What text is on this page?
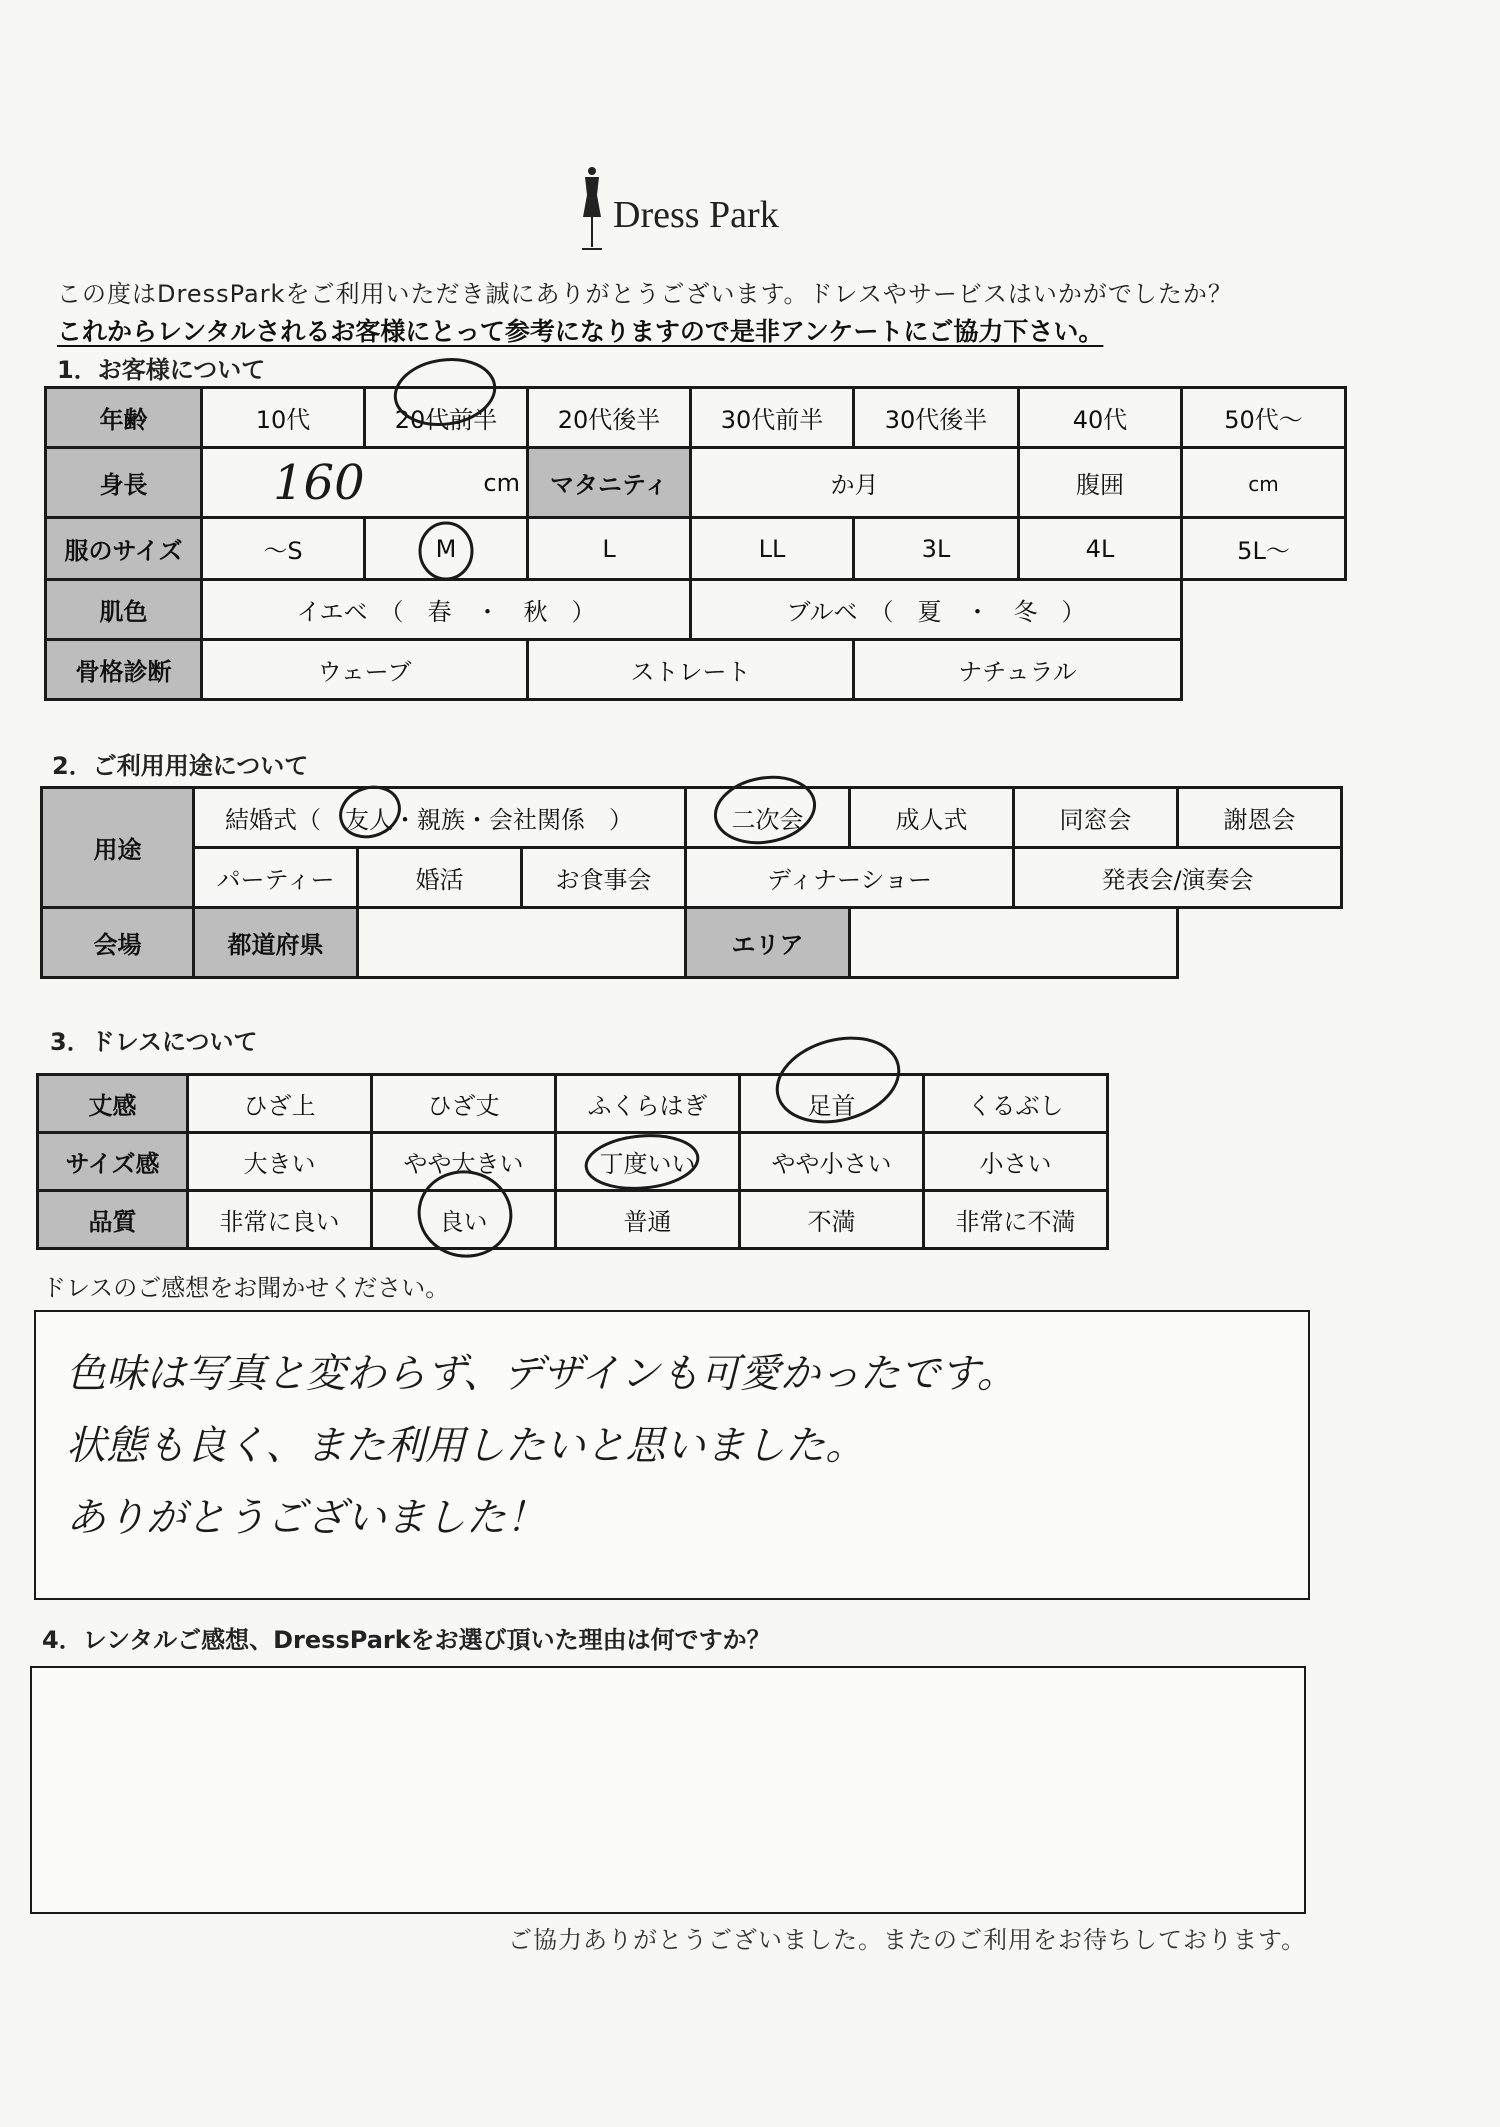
Dress Park
この度はDressParkをご利用いただき誠にありがとうございます。ドレスやサービスはいかがでしたか？
これからレンタルされるお客様にとって参考になりますので是非アンケートにご協力下さい。
1．お客様について
年齢	10代	20代前半	20代後半	30代前半	30代後半	40代	50代～
身長	160 cm		マタニティ	か月		腹囲	cm
服のサイズ	～S	M	L	LL	3L	4L	5L～
肌色	イエベ　（　春　・　秋　）			ブルベ　（　夏　・　冬　）			
骨格診断	ウェーブ		ストレート		ナチュラル		
2．ご利用用途について
用途	結婚式（　友人・親族・会社関係　）			二次会	成人式	同窓会	謝恩会
	パーティー	婚活	お食事会	ディナーショー		発表会/演奏会	
会場	都道府県			エリア			
3．ドレスについて
丈感	ひざ上	ひざ丈	ふくらはぎ	足首	くるぶし
サイズ感	大きい	やや大きい	丁度いい	やや小さい	小さい
品質	非常に良い	良い	普通	不満	非常に不満
ドレスのご感想をお聞かせください。
色味は写真と変わらず、デザインも可愛かったです。
状態も良く、また利用したいと思いました。
ありがとうございました！
4．レンタルご感想、DressParkをお選び頂いた理由は何ですか？
ご協力ありがとうございました。またのご利用をお待ちしております。
